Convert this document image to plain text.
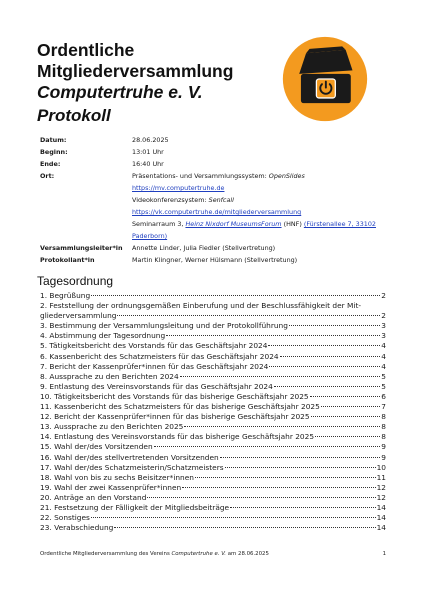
Ordentliche Mitgliederversammlung
Computertruhe e. V.
Protokoll
Datum:	28.06.2025
Beginn:	13:01 Uhr
Ende:	16:40 Uhr
Ort:	Präsentations- und Versammlungssystem: OpenSlides
https://mv.computertruhe.de
Videokonferenzsystem: Senfcall
https://vk.computertruhe.de/mitgliederversammlung
Seminarraum 3, Heinz Nixdorf MuseumsForum (HNF) (Fürstenallee 7, 33102
Paderborn)
Versammlungsleiter*in	Annette Linder, Julia Fiedler (Stellvertretung)
Protokollant*in	Martin Klingner, Werner Hülsmann (Stellvertretung)
Tagesordnung
1. Begrüßung	2
2. Feststellung der ordnungsgemäßen Einberufung und der Beschlussfähigkeit der Mit-
gliederversammlung	2
3. Bestimmung der Versammlungsleitung und der Protokollführung	3
4. Abstimmung der Tagesordnung	3
5. Tätigkeitsbericht des Vorstands für das Geschäftsjahr 2024	4
6. Kassenbericht des Schatzmeisters für das Geschäftsjahr 2024	4
7. Bericht der Kassenprüfer*innen für das Geschäftsjahr 2024	4
8. Aussprache zu den Berichten 2024	5
9. Entlastung des Vereinsvorstands für das Geschäftsjahr 2024	5
10. Tätigkeitsbericht des Vorstands für das bisherige Geschäftsjahr 2025	6
11. Kassenbericht des Schatzmeisters für das bisherige Geschäftsjahr 2025	7
12. Bericht der Kassenprüfer*innen für das bisherige Geschäftsjahr 2025	8
13. Aussprache zu den Berichten 2025	8
14. Entlastung des Vereinsvorstands für das bisherige Geschäftsjahr 2025	8
15. Wahl der/des Vorsitzenden	9
16. Wahl der/des stellvertretenden Vorsitzenden	9
17. Wahl der/des Schatzmeisterin/Schatzmeisters	10
18. Wahl von bis zu sechs Beisitzer*innen	11
19. Wahl der zwei Kassenprüfer*innen	12
20. Anträge an den Vorstand	12
21. Festsetzung der Fälligkeit der Mitgliedsbeiträge	14
22. Sonstiges	14
23. Verabschiedung	14
Ordentliche Mitgliederversammlung des Vereins Computertruhe e. V. am 28.06.2025	1
